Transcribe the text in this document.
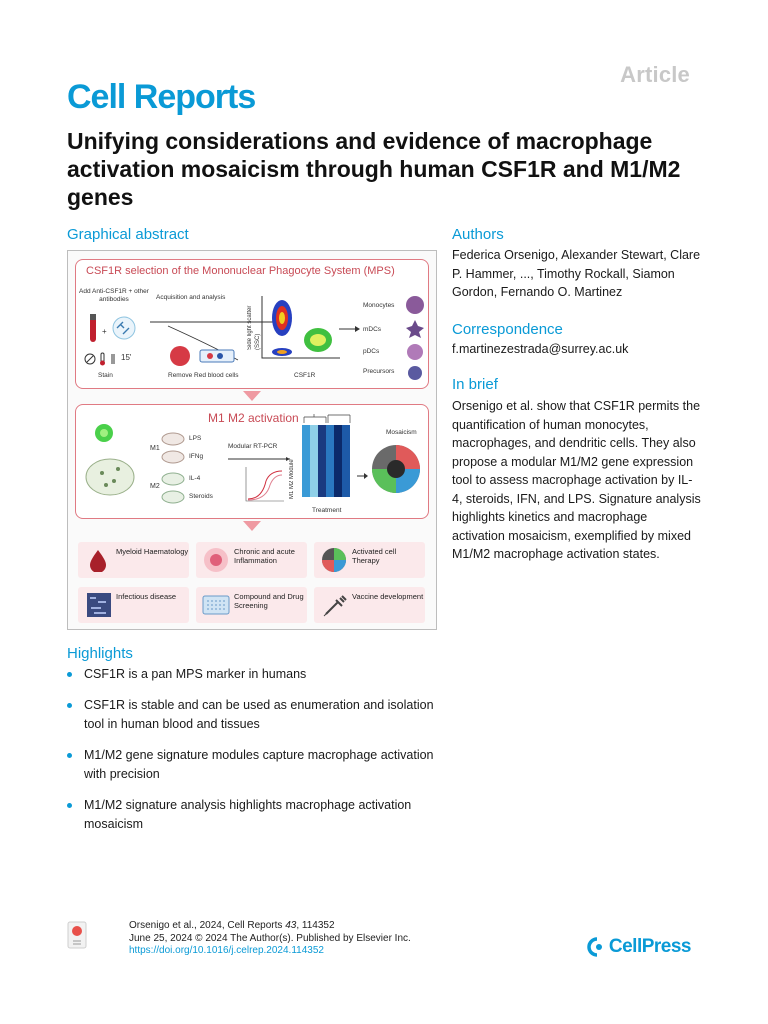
Article
Cell Reports
Unifying considerations and evidence of macrophage activation mosaicism through human CSF1R and M1/M2 genes
Graphical abstract
CSF1R selection of the Mononuclear Phagocyte System (MPS)
Add Anti-CSF1R + other antibodies
+
15'
Stain
Acquisition and analysis
Remove Red blood cells
Side light scatter (SSC)
CSF1R
Monocytes
mDCs
pDCs
Precursors
M1 M2 activation
M1
M2
LPS
IFNg
IL-4
Steroids
Modular RT-PCR
M1 M2 Module
Treatment
Mosaicism
Myeloid Haematology	Chronic and acute Inflammation
Activated cell Therapy
Infectious disease	Compound and Drug Screening
Vaccine development
Authors
Federica Orsenigo, Alexander Stewart, Clare P. Hammer, ..., Timothy Rockall, Siamon Gordon, Fernando O. Martinez
Correspondence
f.martinezestrada@surrey.ac.uk
In brief
Orsenigo et al. show that CSF1R permits the quantification of human monocytes, macrophages, and dendritic cells. They also propose a modular M1/M2 gene expression tool to assess macrophage activation by IL-4, steroids, IFN, and LPS. Signature analysis highlights kinetics and macrophage activation mosaicism, exemplified by mixed M1/M2 macrophage activation states.
Highlights
CSF1R is a pan MPS marker in humans
CSF1R is stable and can be used as enumeration and isolation tool in human blood and tissues
M1/M2 gene signature modules capture macrophage activation with precision
M1/M2 signature analysis highlights macrophage activation mosaicism
Orsenigo et al., 2024, Cell Reports 43, 114352
June 25, 2024 © 2024 The Author(s). Published by Elsevier Inc.
https://doi.org/10.1016/j.celrep.2024.114352	CellPress
